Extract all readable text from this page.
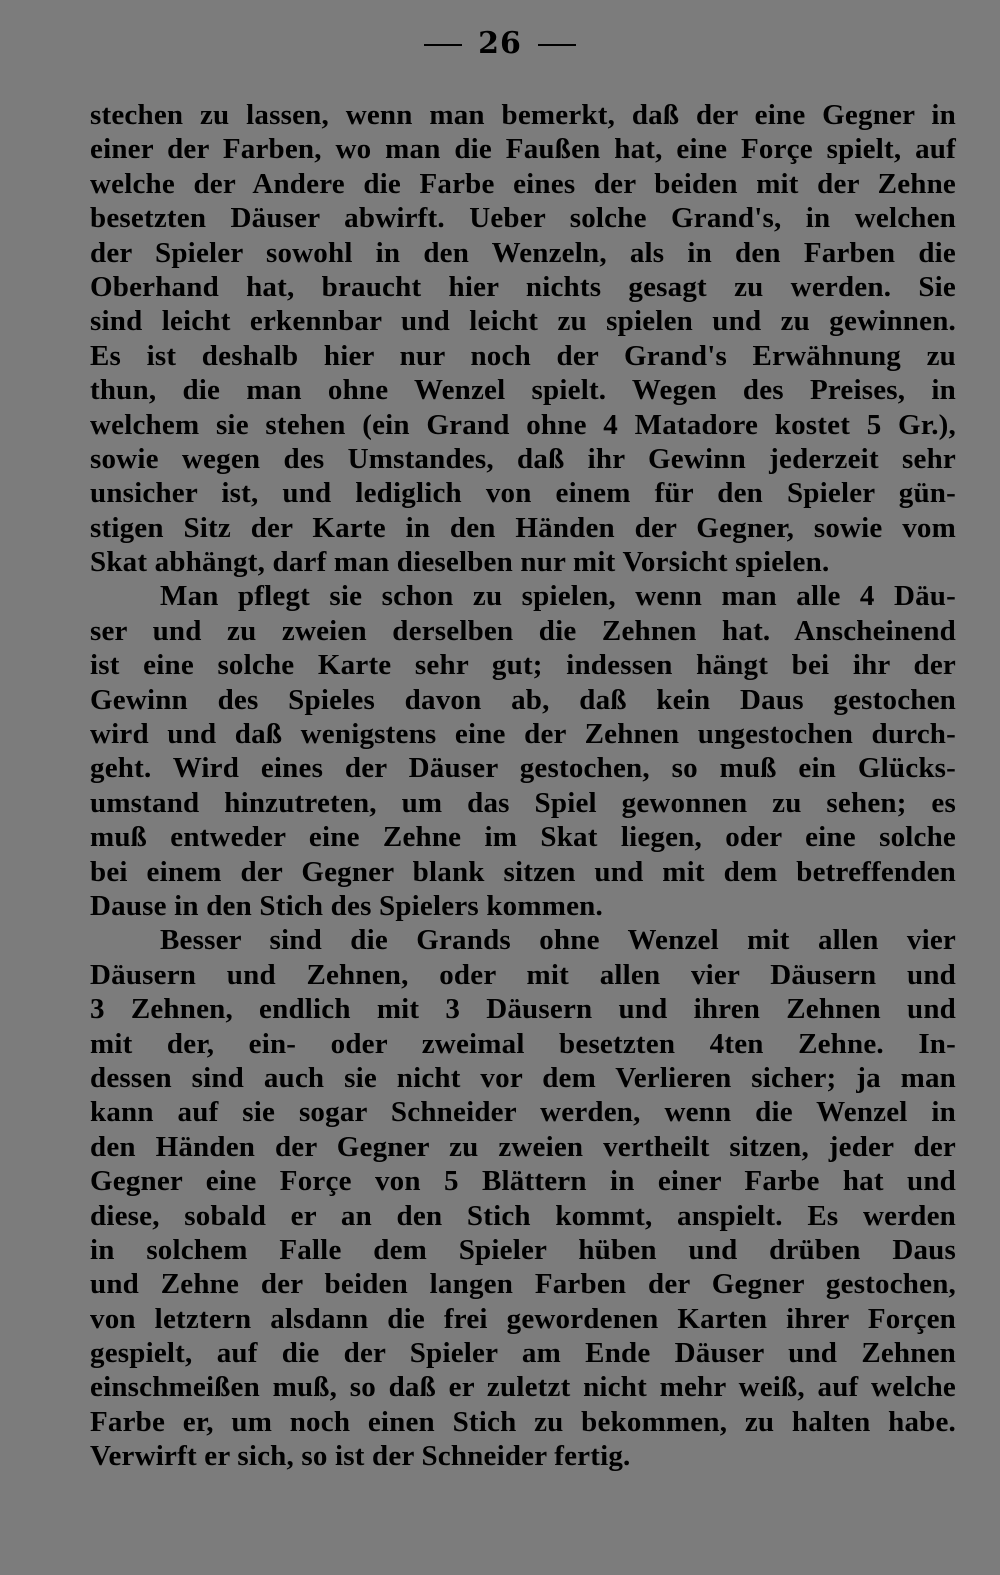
26
stechen zu lassen, wenn man bemerkt, daß der eine Gegner in
einer der Farben, wo man die Faußen hat, eine Forçe spielt, auf
welche der Andere die Farbe eines der beiden mit der Zehne
besetzten Däuser abwirft. Ueber solche Grand's, in welchen
der Spieler sowohl in den Wenzeln, als in den Farben die
Oberhand hat, braucht hier nichts gesagt zu werden. Sie
sind leicht erkennbar und leicht zu spielen und zu gewinnen.
Es ist deshalb hier nur noch der Grand's Erwähnung zu
thun, die man ohne Wenzel spielt. Wegen des Preises, in
welchem sie stehen (ein Grand ohne 4 Matadore kostet 5 Gr.),
sowie wegen des Umstandes, daß ihr Gewinn jederzeit sehr
unsicher ist, und lediglich von einem für den Spieler gün-
stigen Sitz der Karte in den Händen der Gegner, sowie vom
Skat abhängt, darf man dieselben nur mit Vorsicht spielen.
Man pflegt sie schon zu spielen, wenn man alle 4 Däu-
ser und zu zweien derselben die Zehnen hat. Anscheinend
ist eine solche Karte sehr gut; indessen hängt bei ihr der
Gewinn des Spieles davon ab, daß kein Daus gestochen
wird und daß wenigstens eine der Zehnen ungestochen durch-
geht. Wird eines der Däuser gestochen, so muß ein Glücks-
umstand hinzutreten, um das Spiel gewonnen zu sehen; es
muß entweder eine Zehne im Skat liegen, oder eine solche
bei einem der Gegner blank sitzen und mit dem betreffenden
Dause in den Stich des Spielers kommen.
Besser sind die Grands ohne Wenzel mit allen vier
Däusern und Zehnen, oder mit allen vier Däusern und
3 Zehnen, endlich mit 3 Däusern und ihren Zehnen und
mit der, ein- oder zweimal besetzten 4ten Zehne. In-
dessen sind auch sie nicht vor dem Verlieren sicher; ja man
kann auf sie sogar Schneider werden, wenn die Wenzel in
den Händen der Gegner zu zweien vertheilt sitzen, jeder der
Gegner eine Forçe von 5 Blättern in einer Farbe hat und
diese, sobald er an den Stich kommt, anspielt. Es werden
in solchem Falle dem Spieler hüben und drüben Daus
und Zehne der beiden langen Farben der Gegner gestochen,
von letztern alsdann die frei gewordenen Karten ihrer Forçen
gespielt, auf die der Spieler am Ende Däuser und Zehnen
einschmeißen muß, so daß er zuletzt nicht mehr weiß, auf welche
Farbe er, um noch einen Stich zu bekommen, zu halten habe.
Verwirft er sich, so ist der Schneider fertig.
